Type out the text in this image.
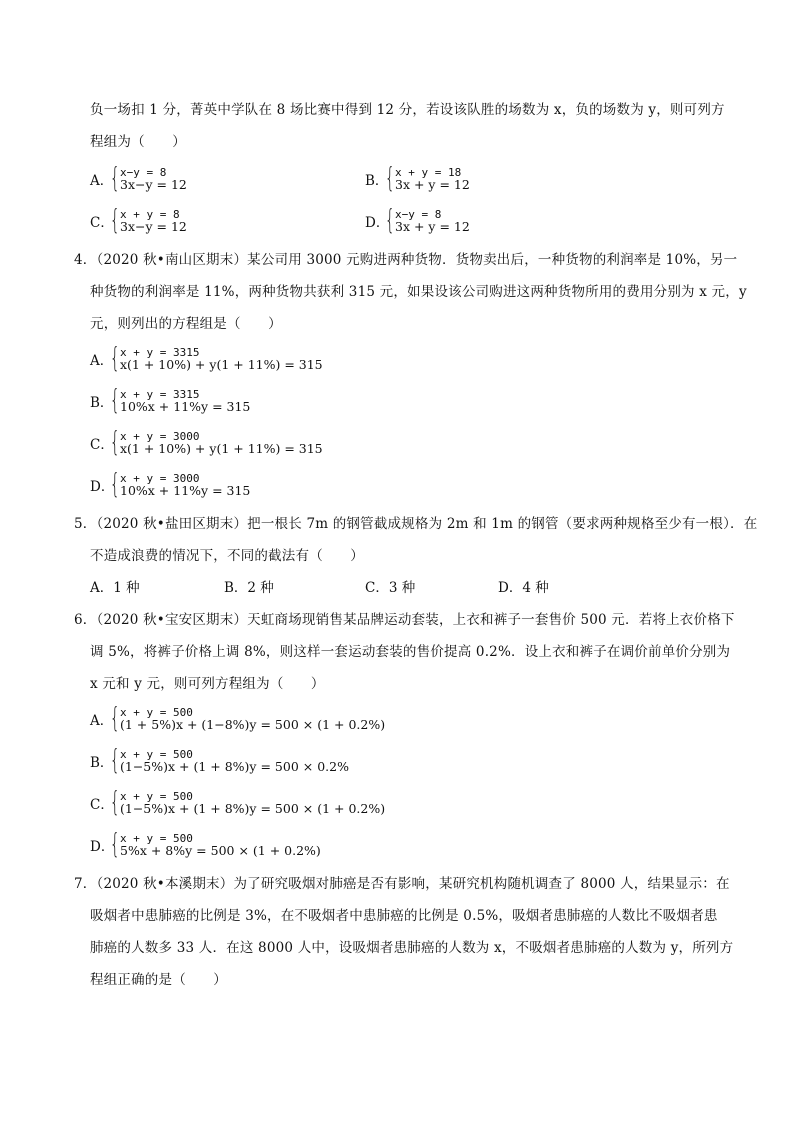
负一场扣 1 分，菁英中学队在 8 场比赛中得到 12 分，若设该队胜的场数为 x，负的场数为 y，则可列方
程组为（　　）
A．
{ x−y = 8
3x−y = 12	B．
{ x + y = 18
3x + y = 12
C．
{ x + y = 8
3x−y = 12	D．
{ x−y = 8
3x + y = 12
4．（2020 秋•南山区期末）某公司用 3000 元购进两种货物．货物卖出后，一种货物的利润率是 10%，另一
种货物的利润率是 11%，两种货物共获利 315 元，如果设该公司购进这两种货物所用的费用分别为 x 元，y
元，则列出的方程组是（　　）
A．
{ x + y = 3315
x(1 + 10%) + y(1 + 11%) = 315
B．
{ x + y = 3315
10%x + 11%y = 315
C．
{ x + y = 3000
x(1 + 10%) + y(1 + 11%) = 315
D．
{ x + y = 3000
10%x + 11%y = 315
5．（2020 秋•盐田区期末）把一根长 7m 的钢管截成规格为 2m 和 1m 的钢管（要求两种规格至少有一根）．在
不造成浪费的情况下，不同的截法有（　　）
A．1 种	B．2 种	C．3 种	D．4 种
6．（2020 秋•宝安区期末）天虹商场现销售某品牌运动套装，上衣和裤子一套售价 500 元．若将上衣价格下
调 5%，将裤子价格上调 8%，则这样一套运动套装的售价提高 0.2%．设上衣和裤子在调价前单价分别为
x 元和 y 元，则可列方程组为（　　）
A．
{ x + y = 500
(1 + 5%)x + (1−8%)y = 500 × (1 + 0.2%)
B．
{ x + y = 500
(1−5%)x + (1 + 8%)y = 500 × 0.2%
C．
{ x + y = 500
(1−5%)x + (1 + 8%)y = 500 × (1 + 0.2%)
D．
{ x + y = 500
5%x + 8%y = 500 × (1 + 0.2%)
7．（2020 秋•本溪期末）为了研究吸烟对肺癌是否有影响，某研究机构随机调查了 8000 人，结果显示：在
吸烟者中患肺癌的比例是 3%，在不吸烟者中患肺癌的比例是 0.5%，吸烟者患肺癌的人数比不吸烟者患
肺癌的人数多 33 人．在这 8000 人中，设吸烟者患肺癌的人数为 x，不吸烟者患肺癌的人数为 y，所列方
程组正确的是（　　）
